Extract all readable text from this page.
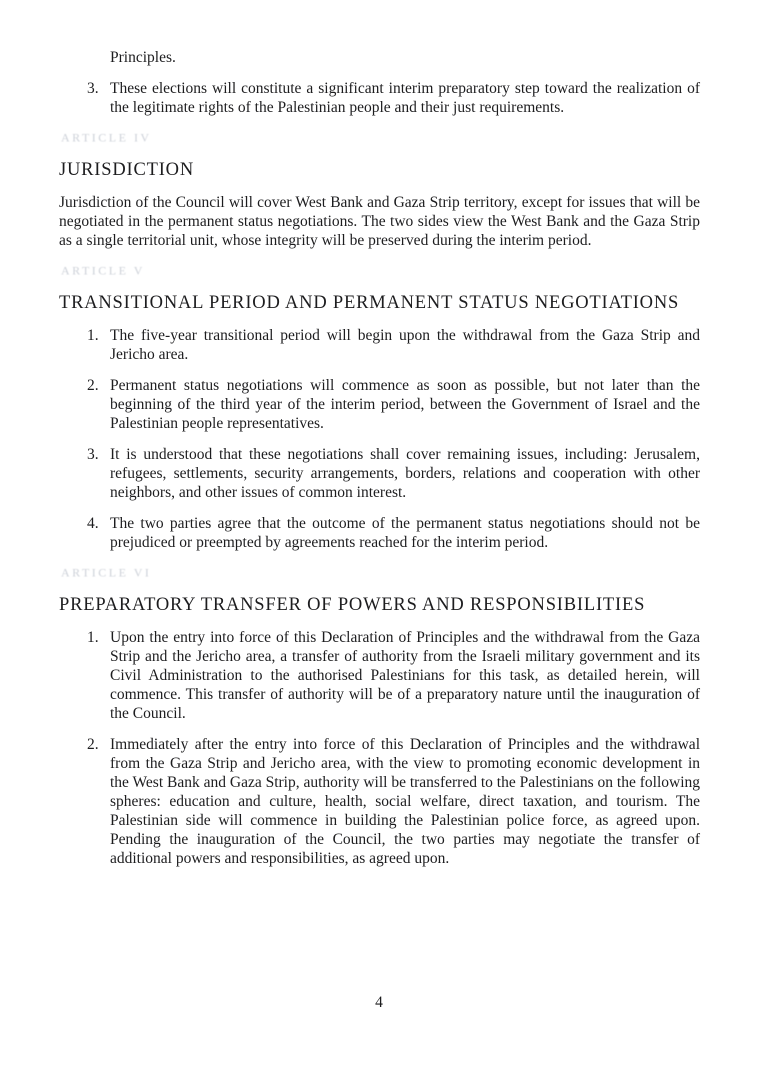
Principles.
3. These elections will constitute a significant interim preparatory step toward the realization of the legitimate rights of the Palestinian people and their just requirements.
ARTICLE IV
JURISDICTION

Jurisdiction of the Council will cover West Bank and Gaza Strip territory, except for issues that will be negotiated in the permanent status negotiations. The two sides view the West Bank and the Gaza Strip as a single territorial unit, whose integrity will be preserved during the interim period.

ARTICLE V
TRANSITIONAL PERIOD AND PERMANENT STATUS NEGOTIATIONS
1. The five-year transitional period will begin upon the withdrawal from the Gaza Strip and Jericho area.
2. Permanent status negotiations will commence as soon as possible, but not later than the beginning of the third year of the interim period, between the Government of Israel and the Palestinian people representatives.
3. It is understood that these negotiations shall cover remaining issues, including: Jerusalem, refugees, settlements, security arrangements, borders, relations and cooperation with other neighbors, and other issues of common interest.
4. The two parties agree that the outcome of the permanent status negotiations should not be prejudiced or preempted by agreements reached for the interim period.
ARTICLE VI
PREPARATORY TRANSFER OF POWERS AND RESPONSIBILITIES
1. Upon the entry into force of this Declaration of Principles and the withdrawal from the Gaza Strip and the Jericho area, a transfer of authority from the Israeli military government and its Civil Administration to the authorised Palestinians for this task, as detailed herein, will commence. This transfer of authority will be of a preparatory nature until the inauguration of the Council.
2. Immediately after the entry into force of this Declaration of Principles and the withdrawal from the Gaza Strip and Jericho area, with the view to promoting economic development in the West Bank and Gaza Strip, authority will be transferred to the Palestinians on the following spheres: education and culture, health, social welfare, direct taxation, and tourism. The Palestinian side will commence in building the Palestinian police force, as agreed upon. Pending the inauguration of the Council, the two parties may negotiate the transfer of additional powers and responsibilities, as agreed upon.
4
